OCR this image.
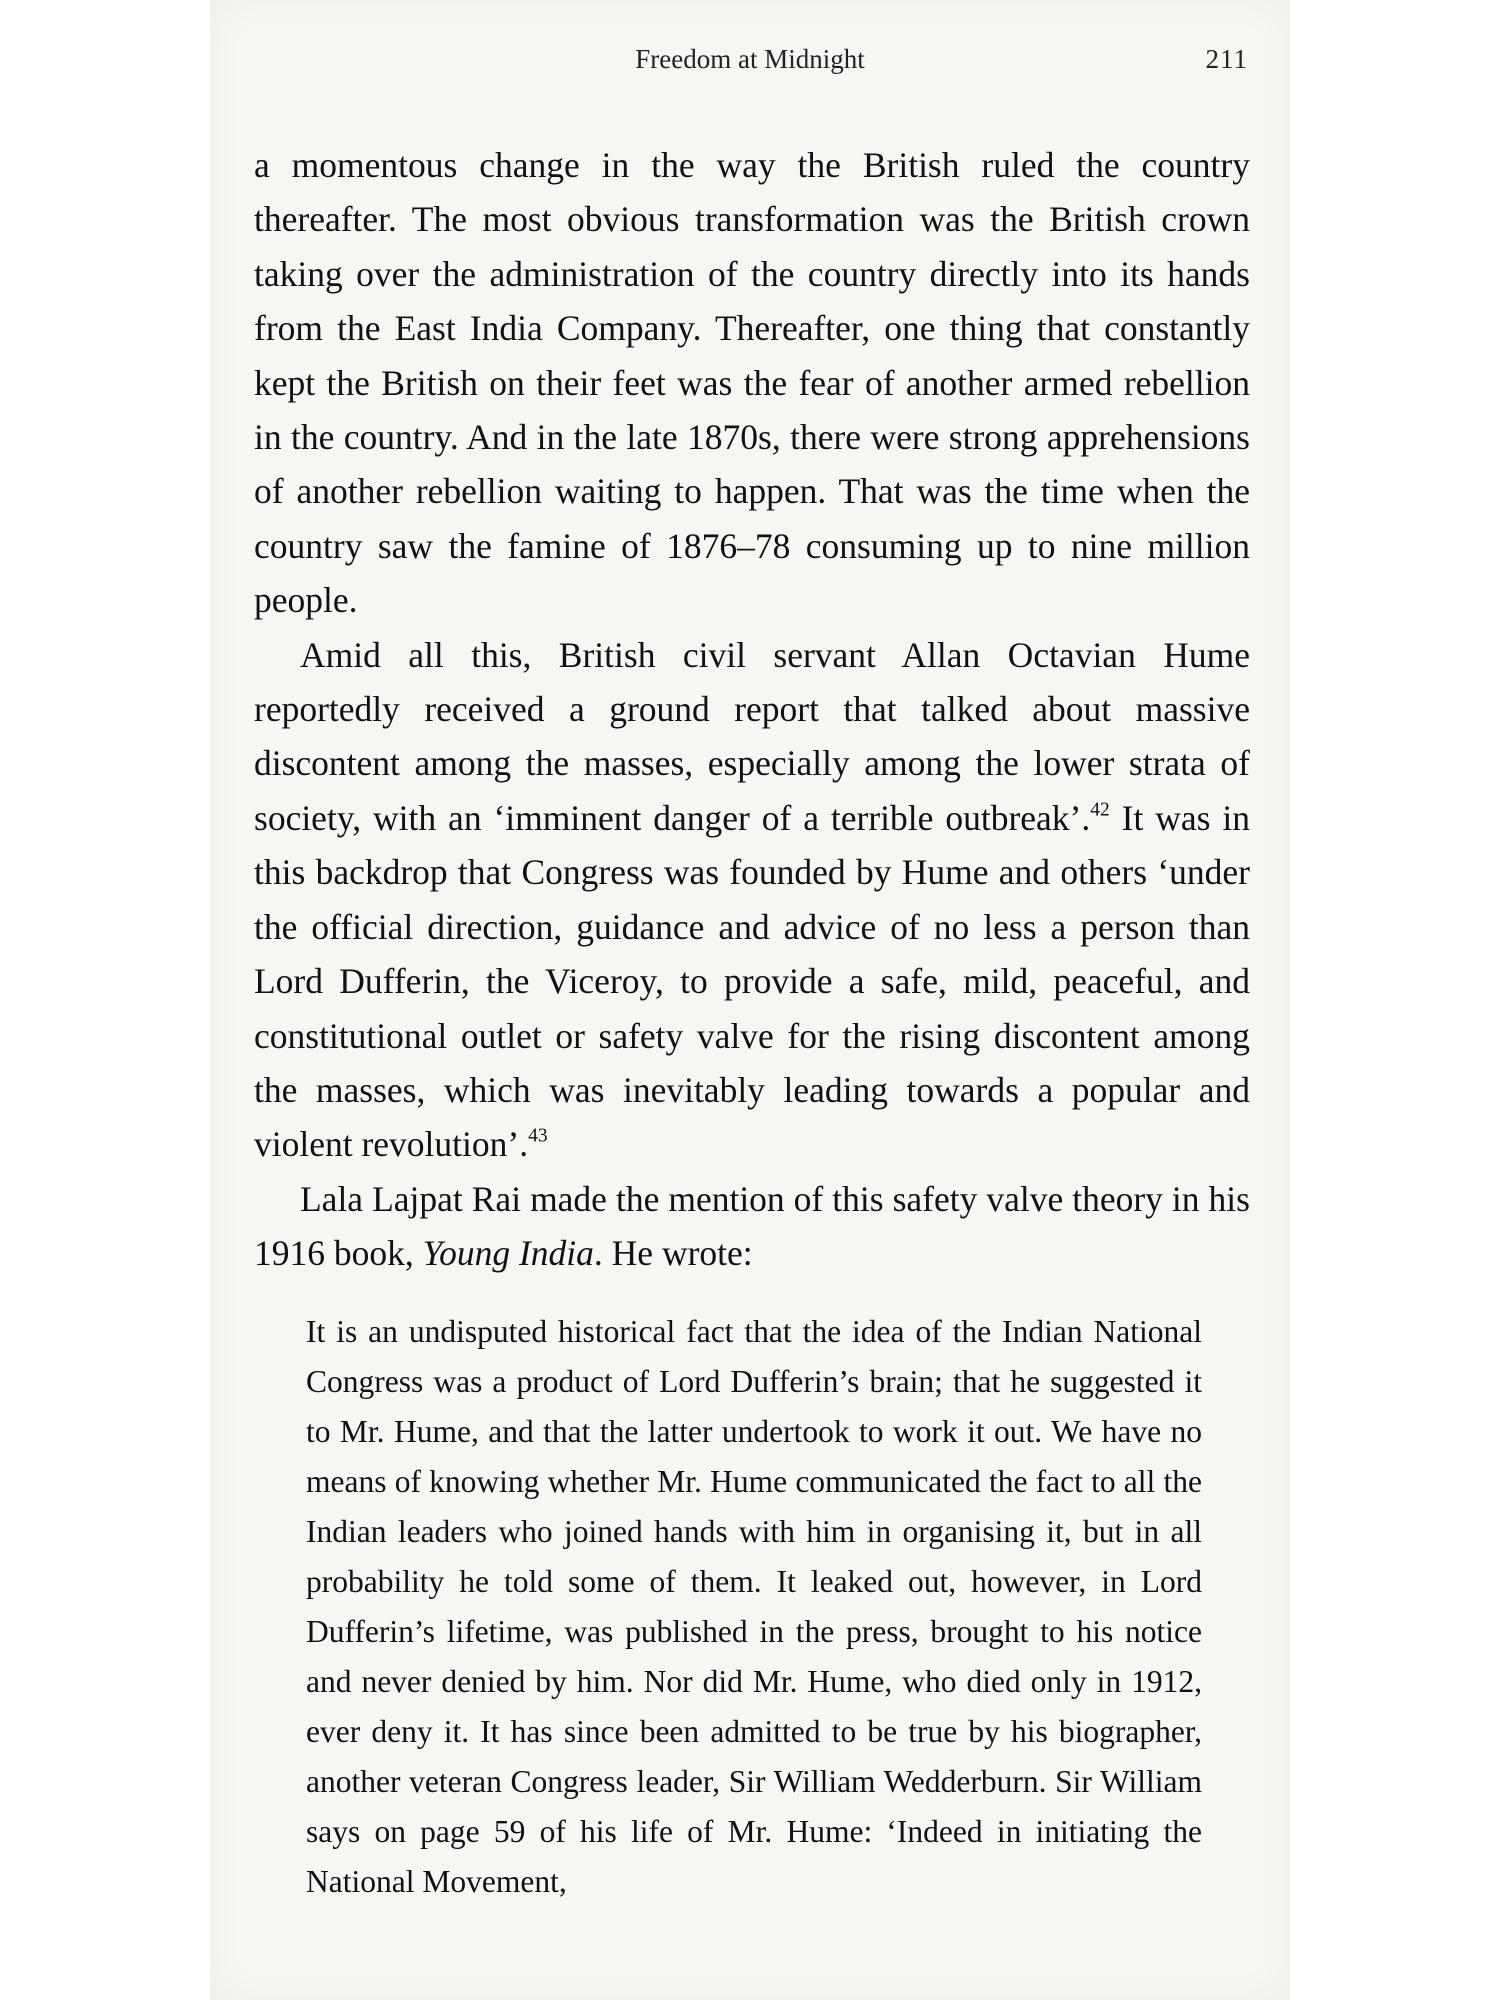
Freedom at Midnight	211

a momentous change in the way the British ruled the country thereafter. The most obvious transformation was the British crown taking over the administration of the country directly into its hands from the East India Company. Thereafter, one thing that constantly kept the British on their feet was the fear of another armed rebellion in the country. And in the late 1870s, there were strong apprehensions of another rebellion waiting to happen. That was the time when the country saw the famine of 1876–78 consuming up to nine million people.

Amid all this, British civil servant Allan Octavian Hume reportedly received a ground report that talked about massive discontent among the masses, especially among the lower strata of society, with an ‘imminent danger of a terrible outbreak’.$^{42}$ It was in this backdrop that Congress was founded by Hume and others ‘under the official direction, guidance and advice of no less a person than Lord Dufferin, the Viceroy, to provide a safe, mild, peaceful, and constitutional outlet or safety valve for the rising discontent among the masses, which was inevitably leading towards a popular and violent revolution’.$^{43}$

Lala Lajpat Rai made the mention of this safety valve theory in his 1916 book, Young India. He wrote:

It is an undisputed historical fact that the idea of the Indian National Congress was a product of Lord Dufferin’s brain; that he suggested it to Mr. Hume, and that the latter undertook to work it out. We have no means of knowing whether Mr. Hume communicated the fact to all the Indian leaders who joined hands with him in organising it, but in all probability he told some of them. It leaked out, however, in Lord Dufferin’s lifetime, was published in the press, brought to his notice and never denied by him. Nor did Mr. Hume, who died only in 1912, ever deny it. It has since been admitted to be true by his biographer, another veteran Congress leader, Sir William Wedderburn. Sir William says on page 59 of his life of Mr. Hume: ‘Indeed in initiating the National Movement,
